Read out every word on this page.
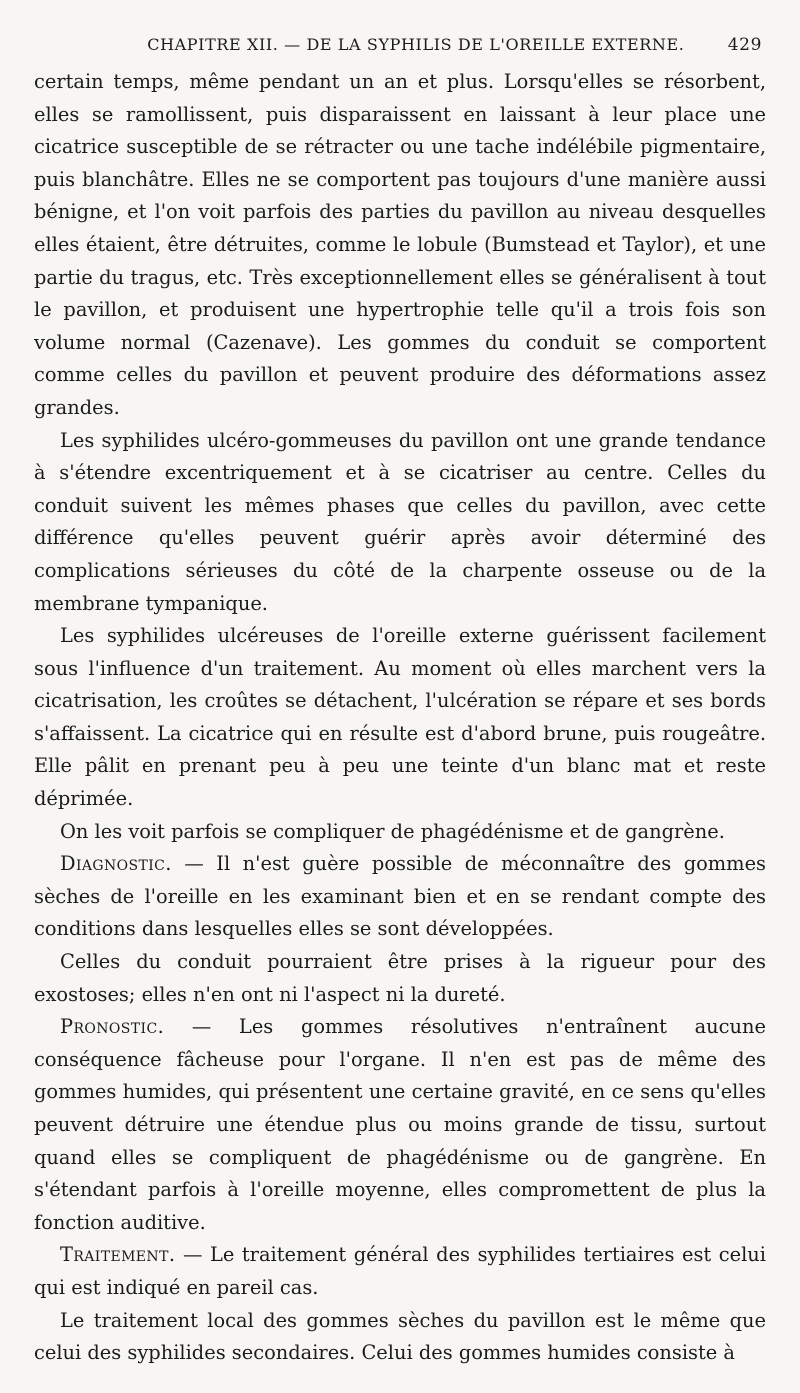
CHAPITRE XII. — DE LA SYPHILIS DE L'OREILLE EXTERNE.	429

certain temps, même pendant un an et plus. Lorsqu'elles se résorbent, elles se ramollissent, puis disparaissent en laissant à leur place une cicatrice susceptible de se rétracter ou une tache indélébile pigmentaire, puis blanchâtre. Elles ne se comportent pas toujours d'une manière aussi bénigne, et l'on voit parfois des parties du pavillon au niveau desquelles elles étaient, être détruites, comme le lobule (Bumstead et Taylor), et une partie du tragus, etc. Très exceptionnellement elles se généralisent à tout le pavillon, et produisent une hypertrophie telle qu'il a trois fois son volume normal (Cazenave). Les gommes du conduit se comportent comme celles du pavillon et peuvent produire des déformations assez grandes.

Les syphilides ulcéro-gommeuses du pavillon ont une grande tendance à s'étendre excentriquement et à se cicatriser au centre. Celles du conduit suivent les mêmes phases que celles du pavillon, avec cette différence qu'elles peuvent guérir après avoir déterminé des complications sérieuses du côté de la charpente osseuse ou de la membrane tympanique.

Les syphilides ulcéreuses de l'oreille externe guérissent facilement sous l'influence d'un traitement. Au moment où elles marchent vers la cicatrisation, les croûtes se détachent, l'ulcération se répare et ses bords s'affaissent. La cicatrice qui en résulte est d'abord brune, puis rougeâtre. Elle pâlit en prenant peu à peu une teinte d'un blanc mat et reste déprimée.

On les voit parfois se compliquer de phagédénisme et de gangrène.

Diagnostic. — Il n'est guère possible de méconnaître des gommes sèches de l'oreille en les examinant bien et en se rendant compte des conditions dans lesquelles elles se sont développées.

Celles du conduit pourraient être prises à la rigueur pour des exostoses; elles n'en ont ni l'aspect ni la dureté.

Pronostic. — Les gommes résolutives n'entraînent aucune conséquence fâcheuse pour l'organe. Il n'en est pas de même des gommes humides, qui présentent une certaine gravité, en ce sens qu'elles peuvent détruire une étendue plus ou moins grande de tissu, surtout quand elles se compliquent de phagédénisme ou de gangrène. En s'étendant parfois à l'oreille moyenne, elles compromettent de plus la fonction auditive.

Traitement. — Le traitement général des syphilides tertiaires est celui qui est indiqué en pareil cas.

Le traitement local des gommes sèches du pavillon est le même que celui des syphilides secondaires. Celui des gommes humides consiste à
